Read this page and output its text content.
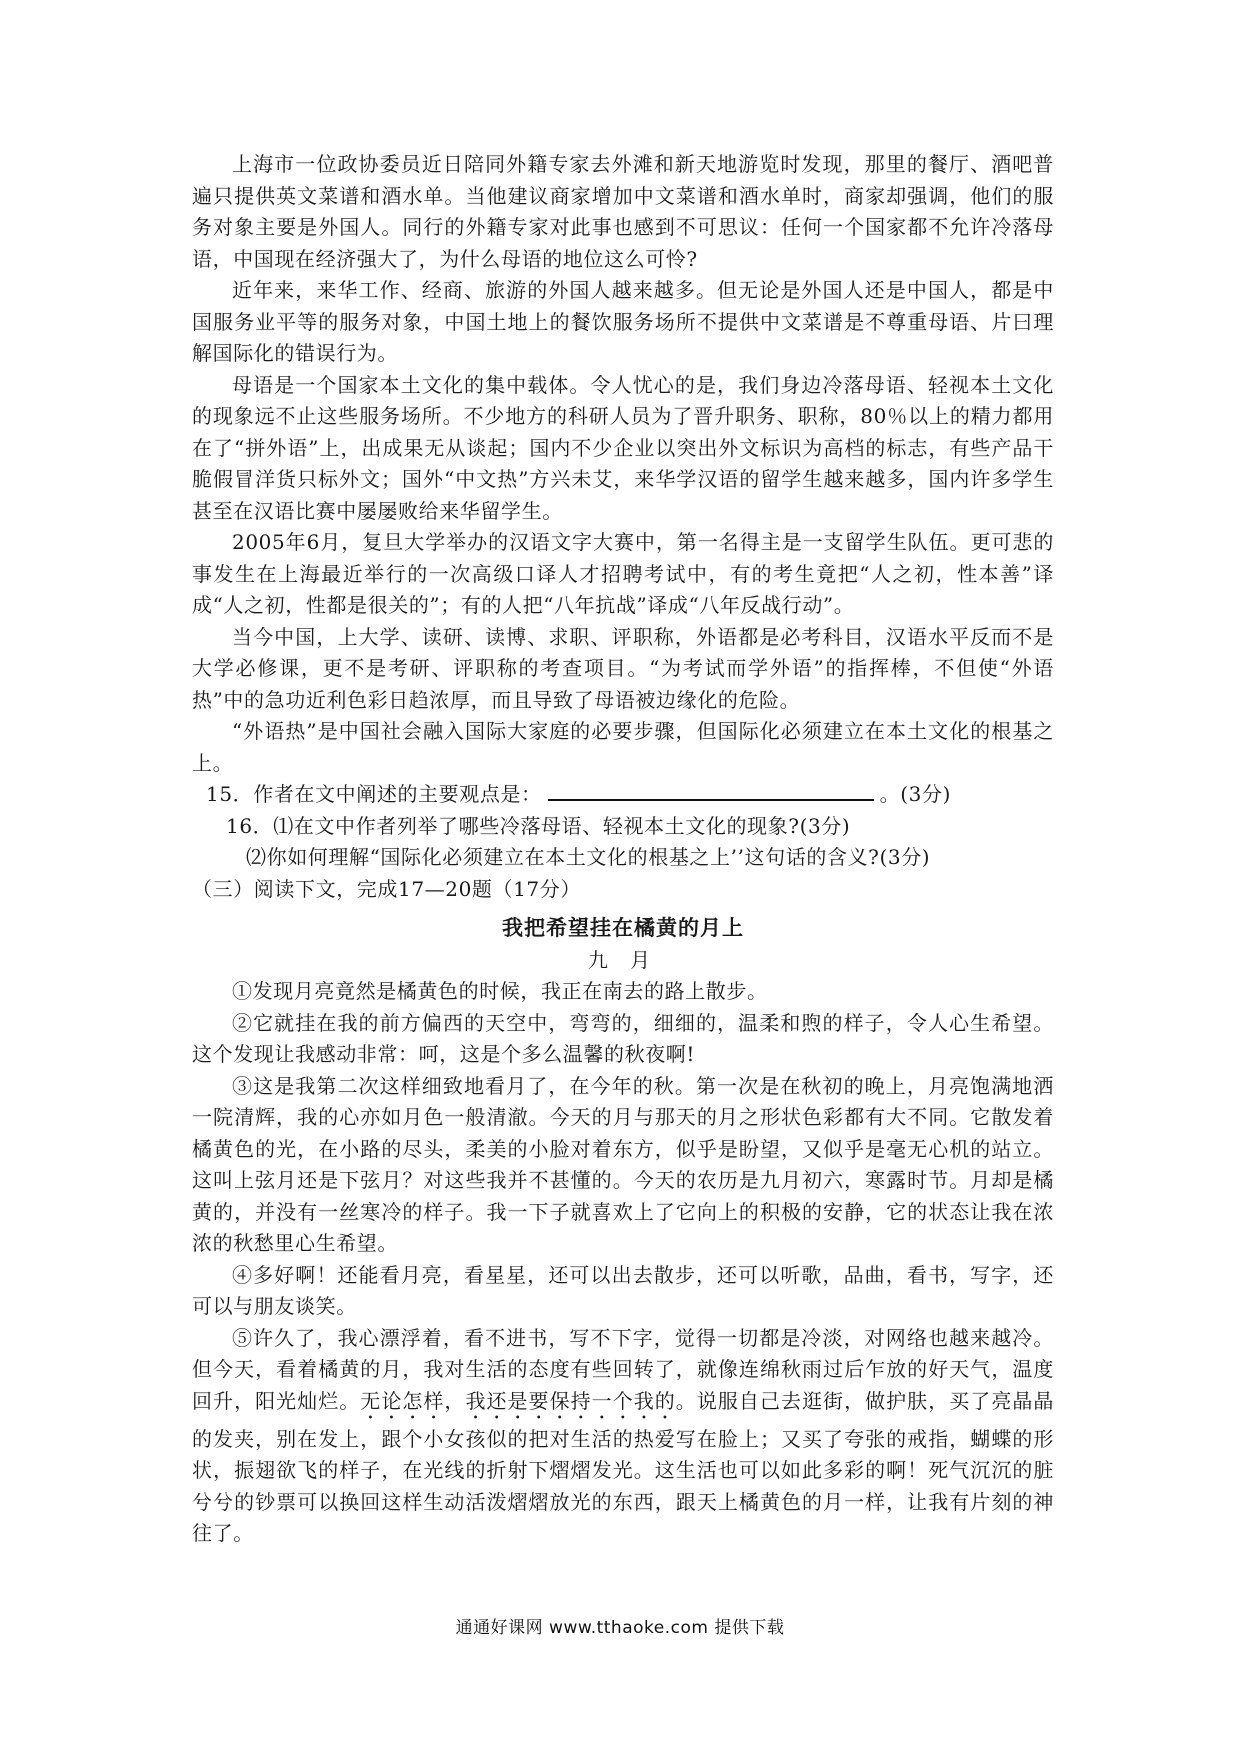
上海市一位政协委员近日陪同外籍专家去外滩和新天地游览时发现，那里的餐厅、酒吧普遍只提供英文菜谱和酒水单。当他建议商家增加中文菜谱和酒水单时，商家却强调，他们的服务对象主要是外国人。同行的外籍专家对此事也感到不可思议：任何一个国家都不允许冷落母语，中国现在经济强大了，为什么母语的地位这么可怜?

近年来，来华工作、经商、旅游的外国人越来越多。但无论是外国人还是中国人，都是中国服务业平等的服务对象，中国土地上的餐饮服务场所不提供中文菜谱是不尊重母语、片曰理解国际化的错误行为。

母语是一个国家本土文化的集中载体。令人忧心的是，我们身边冷落母语、轻视本土文化的现象远不止这些服务场所。不少地方的科研人员为了晋升职务、职称，80％以上的精力都用在了“拼外语”上，出成果无从谈起；国内不少企业以突出外文标识为高档的标志，有些产品干脆假冒洋货只标外文；国外“中文热”方兴未艾，来华学汉语的留学生越来越多，国内许多学生甚至在汉语比赛中屡屡败给来华留学生。

2005年6月，复旦大学举办的汉语文字大赛中，第一名得主是一支留学生队伍。更可悲的事发生在上海最近举行的一次高级口译人才招聘考试中，有的考生竟把“人之初，性本善”译成“人之初，性都是很关的”；有的人把“八年抗战”译成“八年反战行动”。

当今中国，上大学、读研、读博、求职、评职称，外语都是必考科目，汉语水平反而不是大学必修课，更不是考研、评职称的考查项目。“为考试而学外语”的指挥棒，不但使“外语热”中的急功近利色彩日趋浓厚，而且导致了母语被边缘化的危险。

“外语热”是中国社会融入国际大家庭的必要步骤，但国际化必须建立在本土文化的根基之上。

15．作者在文中阐述的主要观点是：	。(3分)

16．⑴在文中作者列举了哪些冷落母语、轻视本土文化的现象?(3分)

⑵你如何理解“国际化必须建立在本土文化的根基之上’’这句话的含义?(3分)

（三）阅读下文，完成17—20题（17分）

我把希望挂在橘黄的月上

九 月

①发现月亮竟然是橘黄色的时候，我正在南去的路上散步。

②它就挂在我的前方偏西的天空中，弯弯的，细细的，温柔和煦的样子，令人心生希望。这个发现让我感动非常：呵，这是个多么温馨的秋夜啊!

③这是我第二次这样细致地看月了，在今年的秋。第一次是在秋初的晚上，月亮饱满地洒一院清辉，我的心亦如月色一般清澈。今天的月与那天的月之形状色彩都有大不同。它散发着橘黄色的光，在小路的尽头，柔美的小脸对着东方，似乎是盼望，又似乎是毫无心机的站立。这叫上弦月还是下弦月？对这些我并不甚懂的。今天的农历是九月初六，寒露时节。月却是橘黄的，并没有一丝寒冷的样子。我一下子就喜欢上了它向上的积极的安静，它的状态让我在浓浓的秋愁里心生希望。

④多好啊！还能看月亮，看星星，还可以出去散步，还可以听歌，品曲，看书，写字，还可以与朋友谈笑。

⑤许久了，我心漂浮着，看不进书，写不下字，觉得一切都是冷淡，对网络也越来越冷。但今天，看着橘黄的月，我对生活的态度有些回转了，就像连绵秋雨过后乍放的好天气，温度回升，阳光灿烂。无论怎样，我还是要保持一个我的。说服自己去逛街，做护肤，买了亮晶晶的发夹，别在发上，跟个小女孩似的把对生活的热爱写在脸上；又买了夸张的戒指，蝴蝶的形状，振翅欲飞的样子，在光线的折射下熠熠发光。这生活也可以如此多彩的啊！死气沉沉的脏兮兮的钞票可以换回这样生动活泼熠熠放光的东西，跟天上橘黄色的月一样，让我有片刻的神往了。

通通好课网 www.tthaoke.com 提供下载
